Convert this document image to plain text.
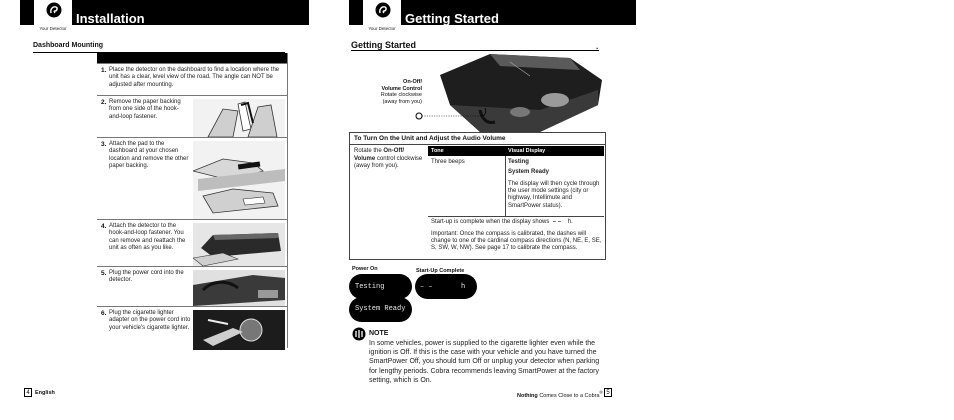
Your Detector
Installation
Dashboard Mounting
1. Place the detector on the dashboard to find a location where the unit has a clear, level view of the road. The angle can NOT be adjusted after mounting.
2. Remove the paper backing from one side of the hook-and-loop fastener.
3. Attach the pad to the dashboard at your chosen location and remove the other paper backing.
4. Attach the detector to the hook-and-loop fastener. You can remove and reattach the unit as often as you like.
5. Plug the power cord into the detector.
6. Plug the cigarette lighter adapter on the power cord into your vehicle's cigarette lighter.
4 English
Your Detector
Getting Started
Getting Started	.
On-Off/
Volume Control
Rotate clockwise
(away from you)
To Turn On the Unit and Adjust the Audio Volume
Rotate the On-Off/
Volume control clockwise (away from you).
Tone	Visual Display
Three beeps	Testing
System Ready
The display will then cycle through the user mode settings (city or highway, Intellimute and SmartPower status).
Start-up is complete when the display shows – – h.
Important: Once the compass is calibrated, the dashes will change to one of the cardinal compass directions (N, NE, E, SE, S, SW, W, NW). See page 17 to calibrate the compass.
Power On	Start-Up Complete
Testing
System Ready
– –	h
NOTE
In some vehicles, power is supplied to the cigarette lighter even while the ignition is Off. If this is the case with your vehicle and you have turned the SmartPower Off, you should turn Off or unplug your detector when parking for lengthy periods. Cobra recommends leaving SmartPower at the factory setting, which is On.
Nothing Comes Close to a Cobra® 5
